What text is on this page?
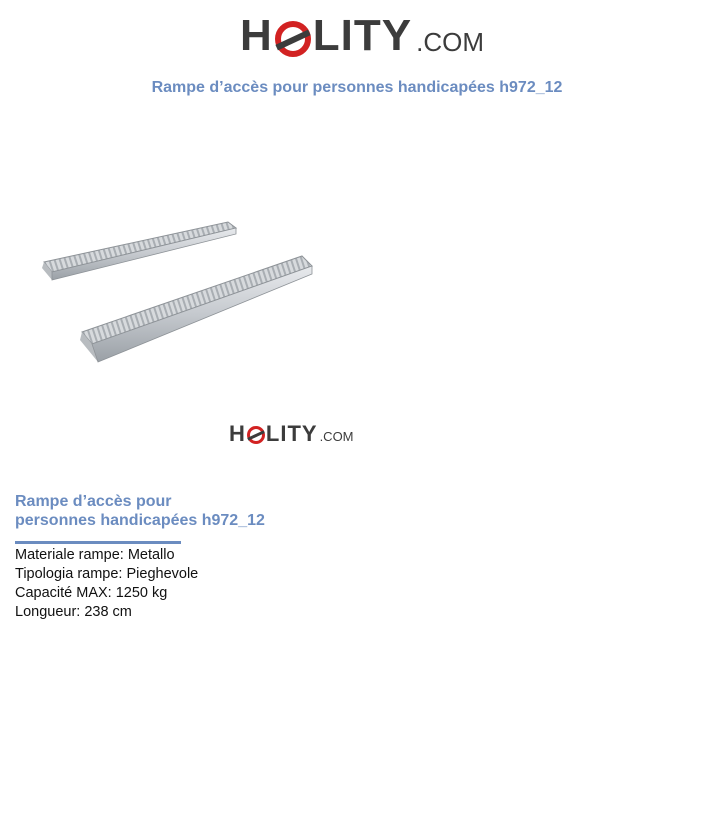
H LITY .COM
Rampe d’accès pour personnes handicapées h972_12
H LITY .COM
Rampe d’accès pour
personnes handicapées h972_12
Materiale rampe: Metallo
Tipologia rampe: Pieghevole
Capacité MAX: 1250 kg
Longueur: 238 cm
